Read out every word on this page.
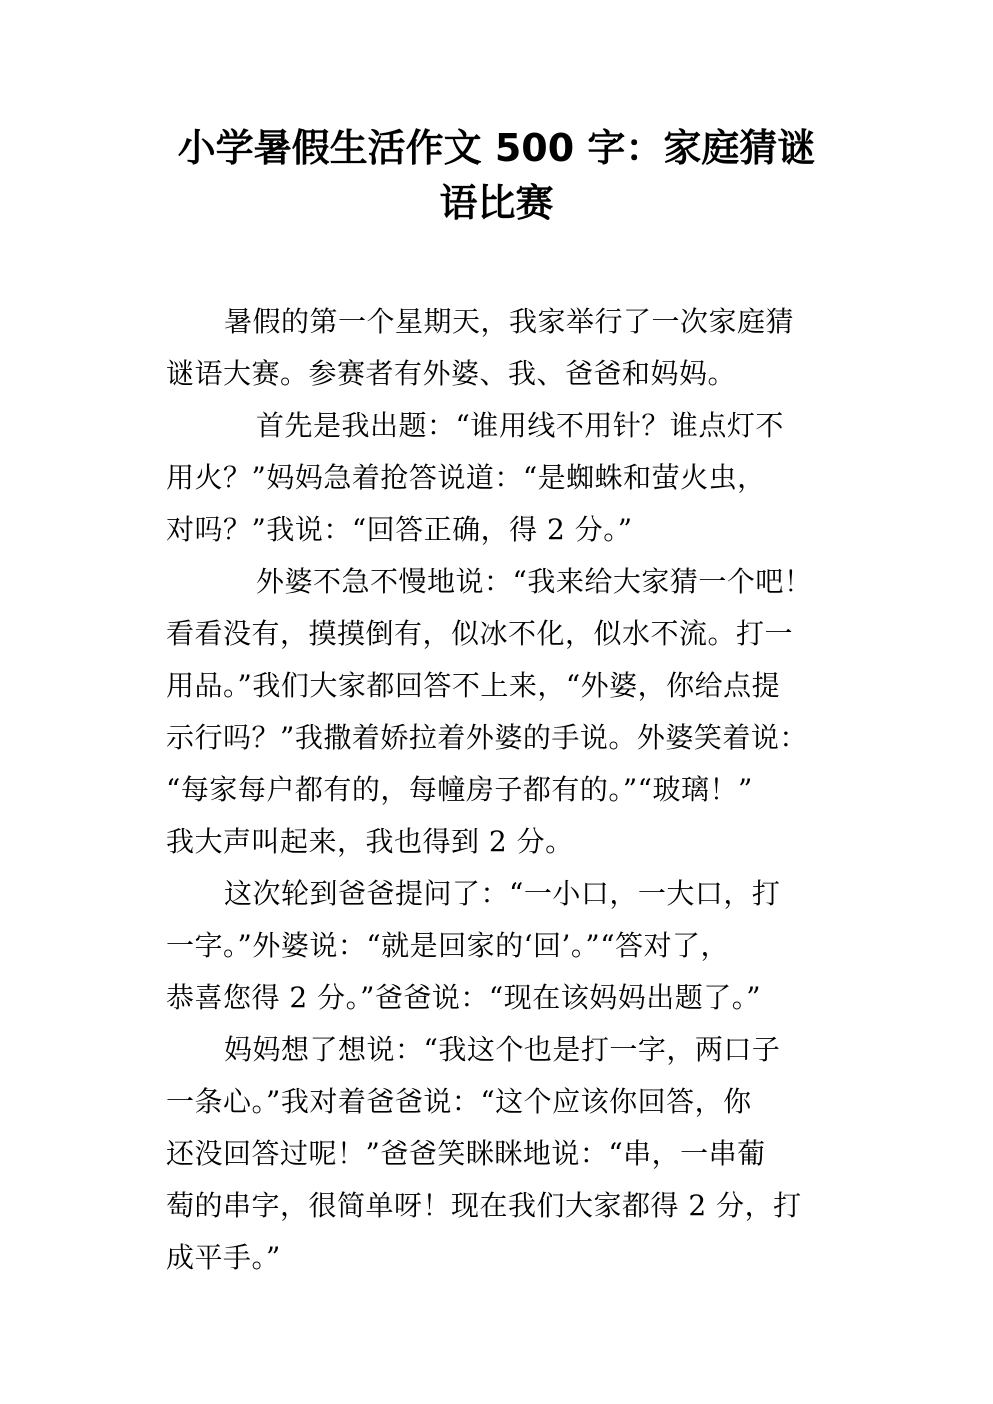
小学暑假生活作文 500 字：家庭猜谜
语比赛
暑假的第一个星期天，我家举行了一次家庭猜
谜语大赛。参赛者有外婆、我、爸爸和妈妈。
首先是我出题：“谁用线不用针？谁点灯不
用火？”妈妈急着抢答说道：“是蜘蛛和萤火虫，
对吗？”我说：“回答正确，得 2 分。”
外婆不急不慢地说：“我来给大家猜一个吧！
看看没有，摸摸倒有，似冰不化，似水不流。打一
用品。”我们大家都回答不上来，“外婆，你给点提
示行吗？”我撒着娇拉着外婆的手说。外婆笑着说：
“每家每户都有的，每幢房子都有的。”“玻璃！”
我大声叫起来，我也得到 2 分。
这次轮到爸爸提问了：“一小口，一大口，打
一字。”外婆说：“就是回家的‘回’。”“答对了，
恭喜您得 2 分。”爸爸说：“现在该妈妈出题了。”
妈妈想了想说：“我这个也是打一字，两口子
一条心。”我对着爸爸说：“这个应该你回答，你
还没回答过呢！”爸爸笑眯眯地说：“串，一串葡
萄的串字，很简单呀！现在我们大家都得 2 分，打
成平手。”
